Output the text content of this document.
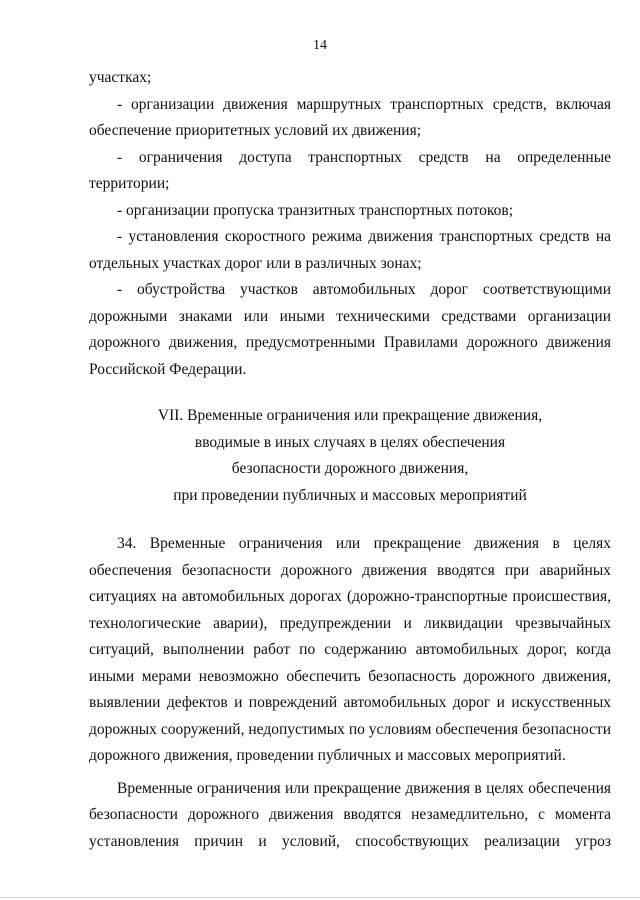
14

участках;

- организации движения маршрутных транспортных средств, включая обеспечение приоритетных условий их движения;

- ограничения доступа транспортных средств на определенные территории;

- организации пропуска транзитных транспортных потоков;

- установления скоростного режима движения транспортных средств на отдельных участках дорог или в различных зонах;

- обустройства участков автомобильных дорог соответствующими дорожными знаками или иными техническими средствами организации дорожного движения, предусмотренными Правилами дорожного движения Российской Федерации.

VII. Временные ограничения или прекращение движения,
вводимые в иных случаях в целях обеспечения
безопасности дорожного движения,
при проведении публичных и массовых мероприятий

34. Временные ограничения или прекращение движения в целях обеспечения безопасности дорожного движения вводятся при аварийных ситуациях на автомобильных дорогах (дорожно-транспортные происшествия, технологические аварии), предупреждении и ликвидации чрезвычайных ситуаций, выполнении работ по содержанию автомобильных дорог, когда иными мерами невозможно обеспечить безопасность дорожного движения, выявлении дефектов и повреждений автомобильных дорог и искусственных дорожных сооружений, недопустимых по условиям обеспечения безопасности дорожного движения, проведении публичных и массовых мероприятий.

Временные ограничения или прекращение движения в целях обеспечения безопасности дорожного движения вводятся незамедлительно, с момента установления причин и условий, способствующих реализации угроз
